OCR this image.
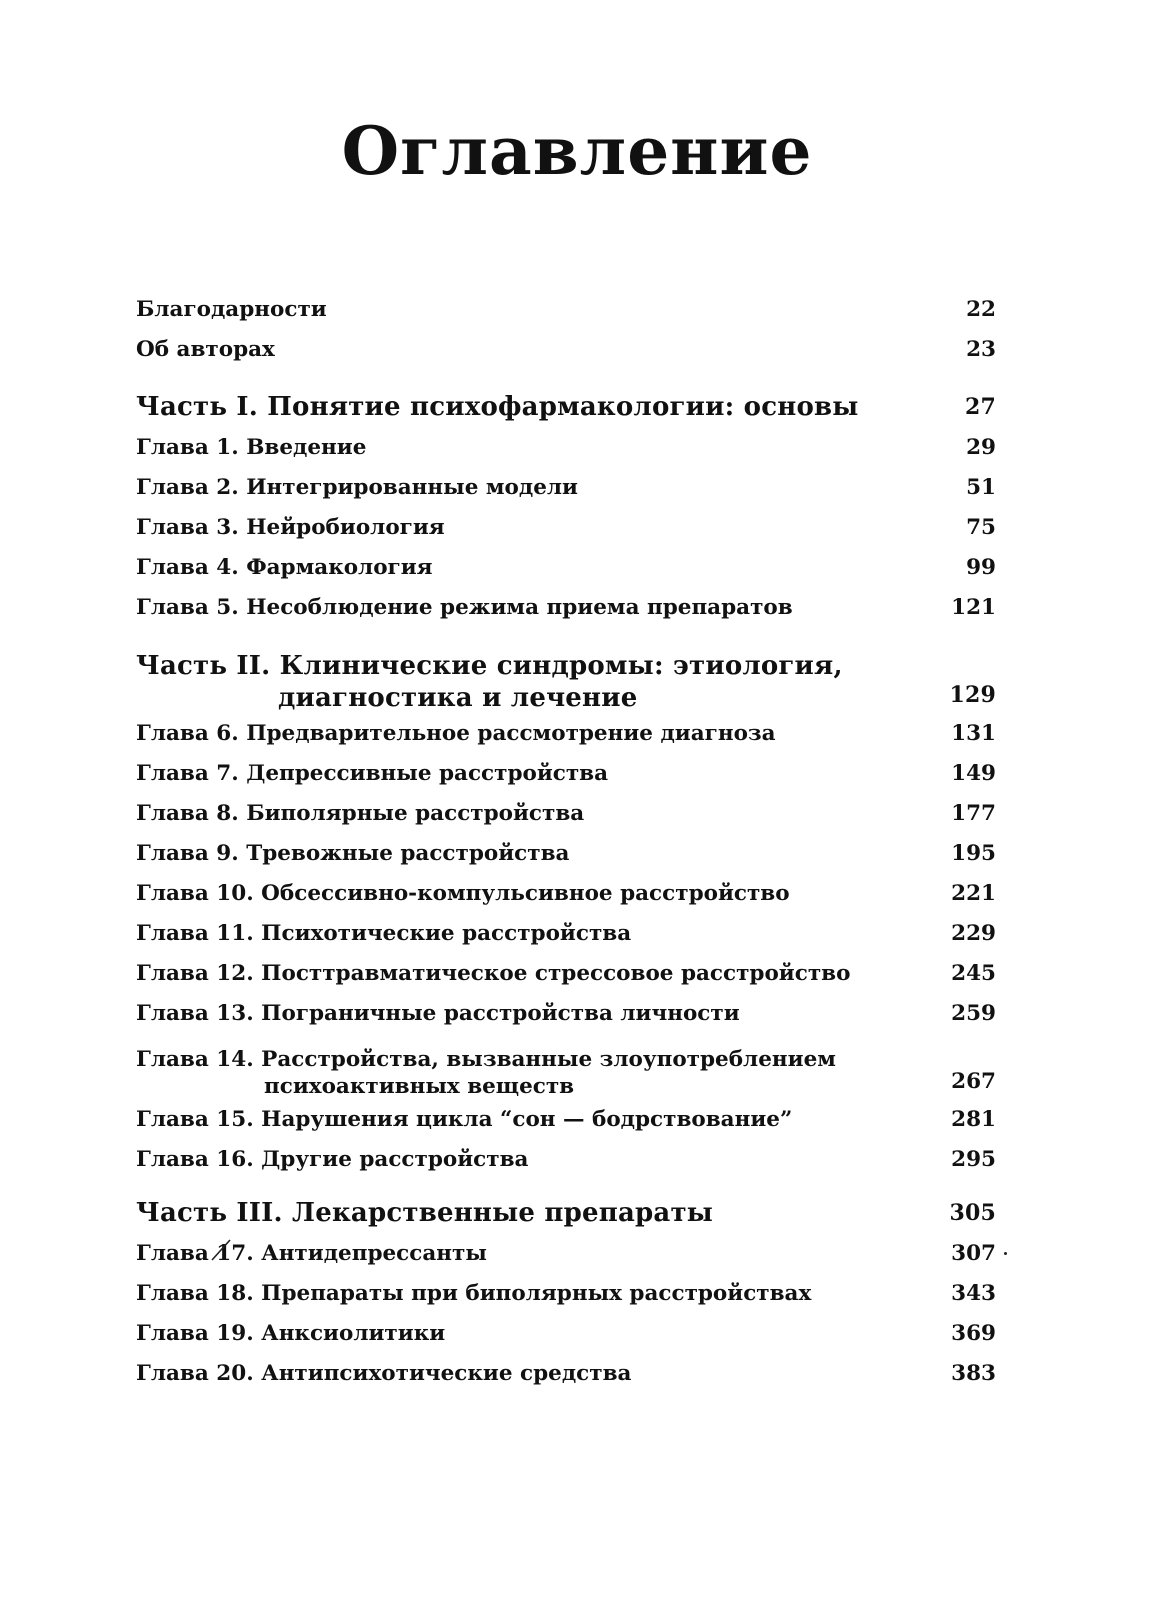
Оглавление
Благодарности	22
Об авторах	23
Часть I. Понятие психофармакологии: основы	27
Глава 1. Введение	29
Глава 2. Интегрированные модели	51
Глава 3. Нейробиология	75
Глава 4. Фармакология	99
Глава 5. Несоблюдение режима приема препаратов	121
Часть II. Клинические синдромы: этиология,
диагностика и лечение	129
Глава 6. Предварительное рассмотрение диагноза	131
Глава 7. Депрессивные расстройства	149
Глава 8. Биполярные расстройства	177
Глава 9. Тревожные расстройства	195
Глава 10. Обсессивно-компульсивное расстройство	221
Глава 11. Психотические расстройства	229
Глава 12. Посттравматическое стрессовое расстройство	245
Глава 13. Пограничные расстройства личности	259
Глава 14. Расстройства, вызванные злоупотреблением
психоактивных веществ	267
Глава 15. Нарушения цикла “сон — бодрствование”	281
Глава 16. Другие расстройства	295
Часть III. Лекарственные препараты	305
Глава 17. Антидепрессанты	307
Глава 18. Препараты при биполярных расстройствах	343
Глава 19. Анксиолитики	369
Глава 20. Антипсихотические средства	383
